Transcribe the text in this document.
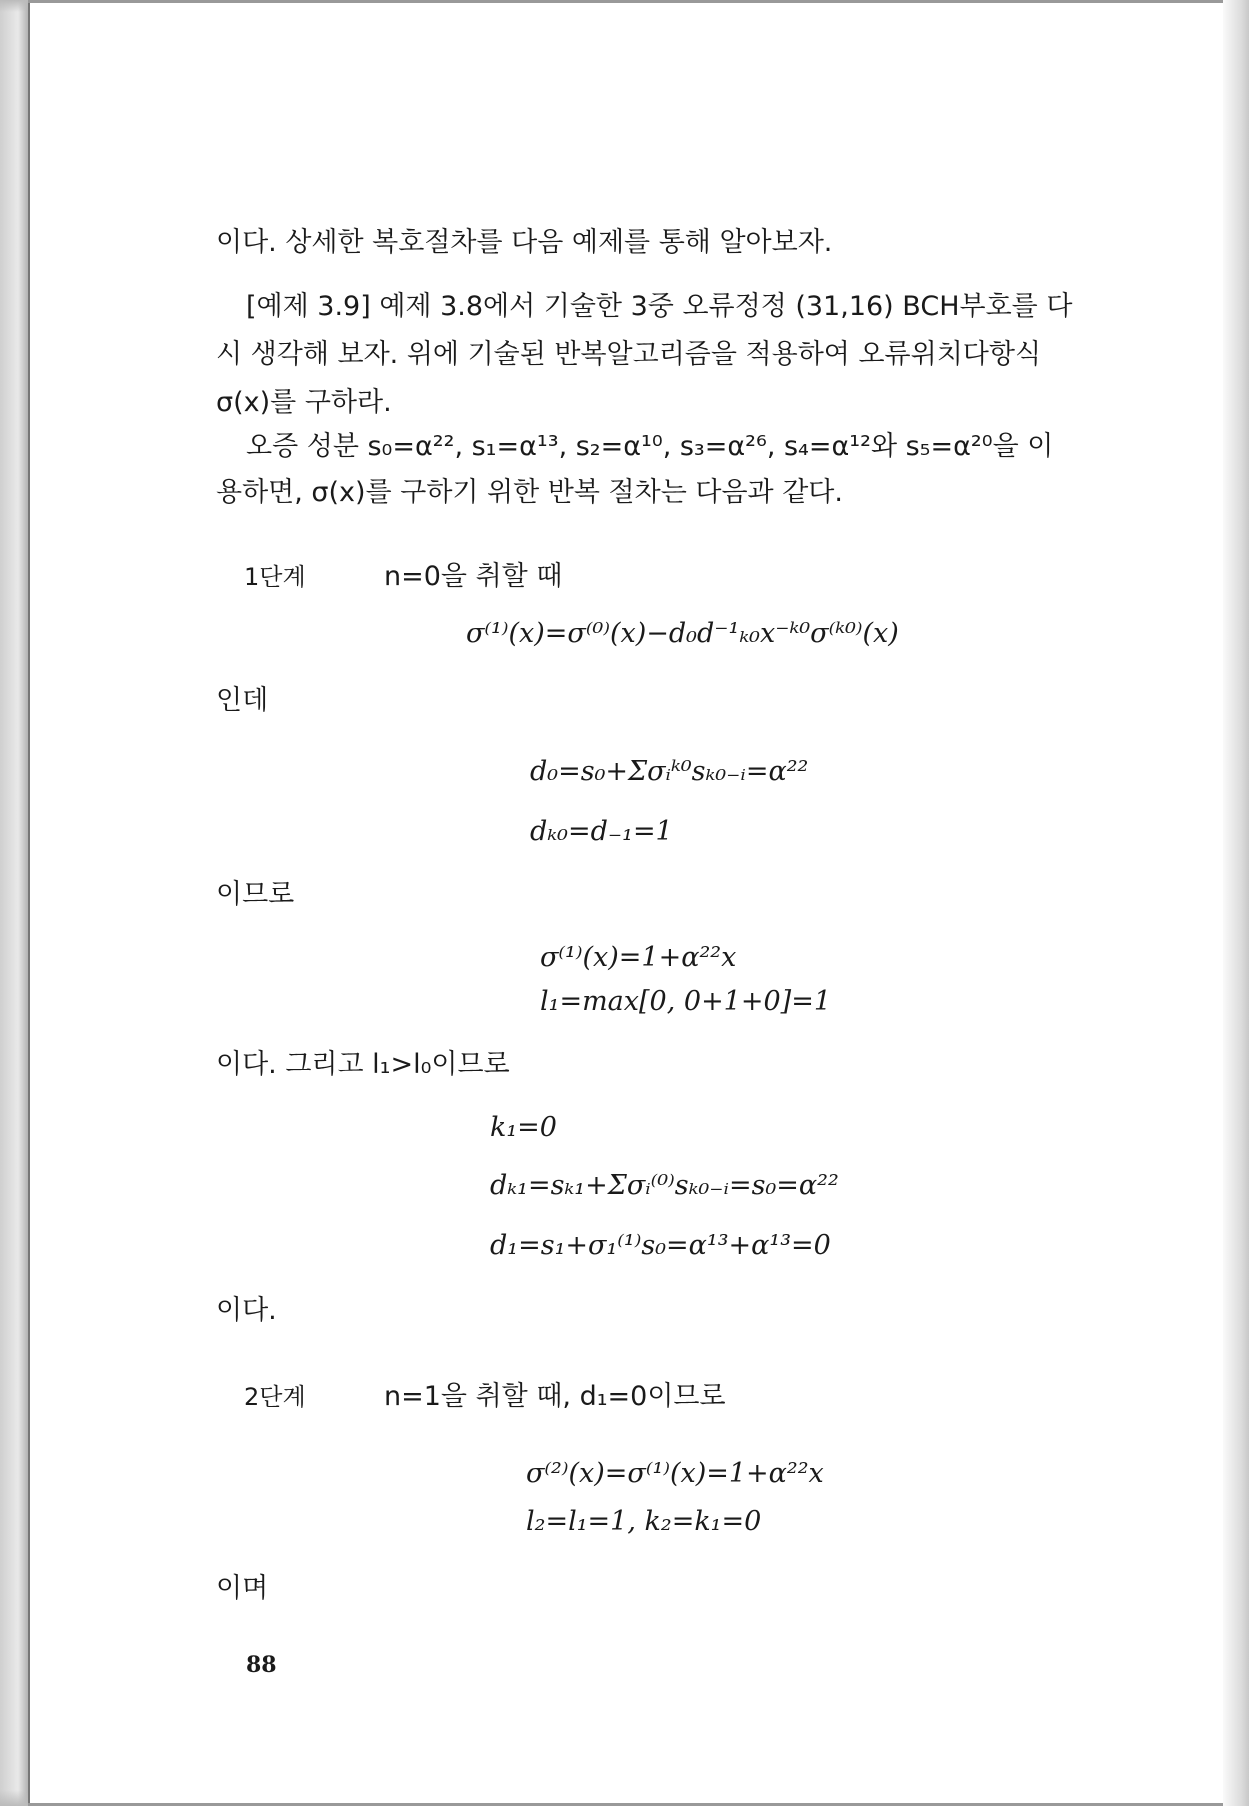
이다. 상세한 복호절차를 다음 예제를 통해 알아보자.
[예제 3.9] 예제 3.8에서 기술한 3중 오류정정 (31,16) BCH부호를 다
시 생각해 보자. 위에 기술된 반복알고리즘을 적용하여 오류위치다항식
σ(x)를 구하라.
오증 성분 s₀=α²², s₁=α¹³, s₂=α¹⁰, s₃=α²⁶, s₄=α¹²와 s₅=α²⁰을 이
용하면, σ(x)를 구하기 위한 반복 절차는 다음과 같다.
1단계	n=0을 취할 때
σ⁽¹⁾(x)=σ⁽⁰⁾(x)−d₀d⁻¹ₖ₀x⁻ᵏ⁰σ⁽ᵏ⁰⁾(x)
인데
d₀=s₀+Σσᵢᵏ⁰sₖ₀₋ᵢ=α²²
dₖ₀=d₋₁=1
이므로
σ⁽¹⁾(x)=1+α²²x
l₁=max[0, 0+1+0]=1
이다. 그리고 l₁>l₀이므로
k₁=0
dₖ₁=sₖ₁+Σσᵢ⁽⁰⁾sₖ₀₋ᵢ=s₀=α²²
d₁=s₁+σ₁⁽¹⁾s₀=α¹³+α¹³=0
이다.
2단계	n=1을 취할 때, d₁=0이므로
σ⁽²⁾(x)=σ⁽¹⁾(x)=1+α²²x
l₂=l₁=1, k₂=k₁=0
이며
88
